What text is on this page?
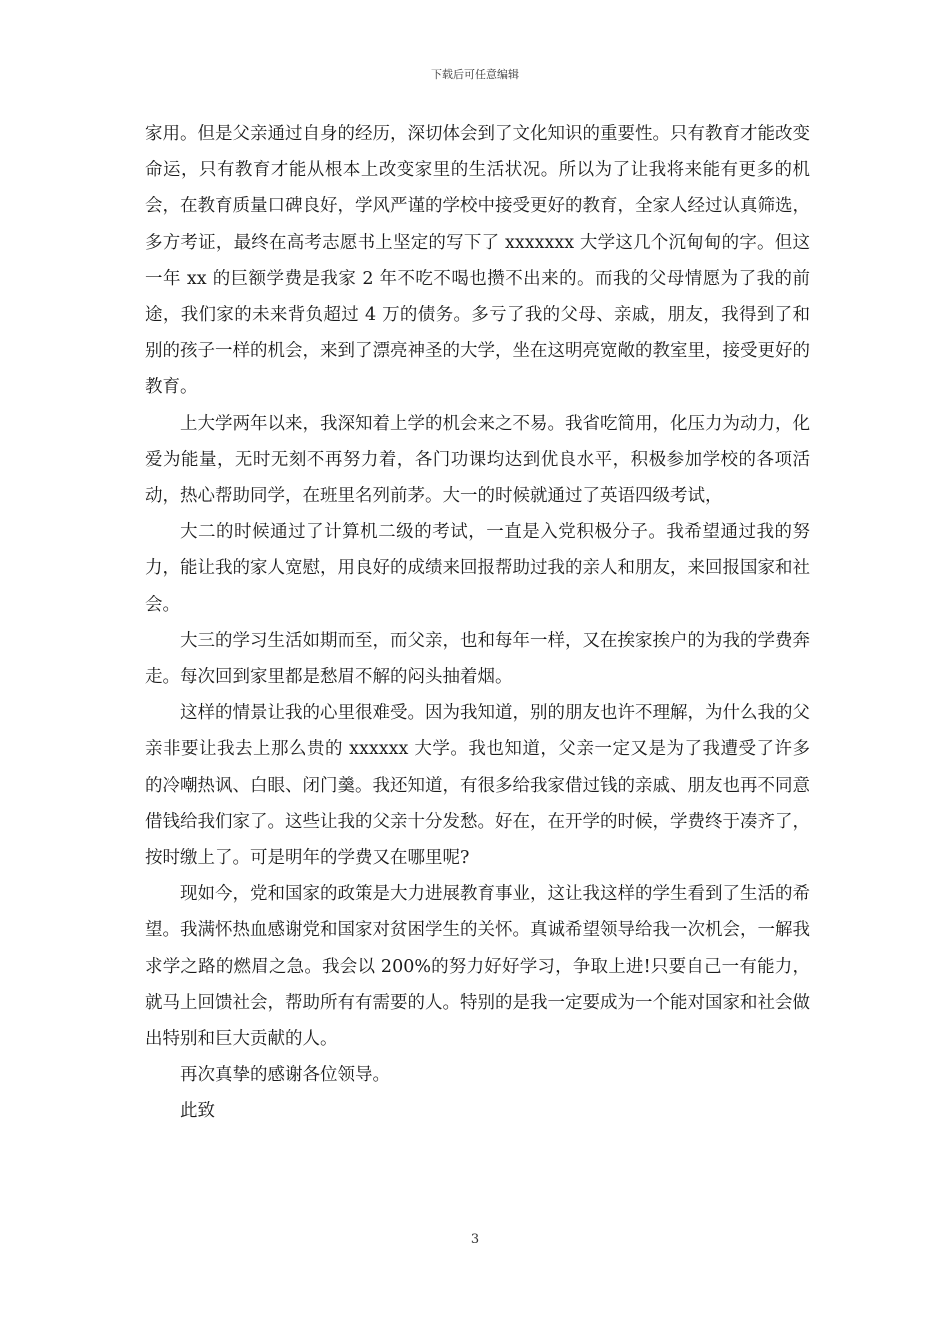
下载后可任意编辑

家用。但是父亲通过自身的经历，深切体会到了文化知识的重要性。只有教育才能改变命运，只有教育才能从根本上改变家里的生活状况。所以为了让我将来能有更多的机会，在教育质量口碑良好，学风严谨的学校中接受更好的教育，全家人经过认真筛选，多方考证，最终在高考志愿书上坚定的写下了 xxxxxxx 大学这几个沉甸甸的字。但这一年 xx 的巨额学费是我家 2 年不吃不喝也攒不出来的。而我的父母情愿为了我的前途，我们家的未来背负超过 4 万的债务。多亏了我的父母、亲戚，朋友，我得到了和别的孩子一样的机会，来到了漂亮神圣的大学，坐在这明亮宽敞的教室里，接受更好的教育。

上大学两年以来，我深知着上学的机会来之不易。我省吃简用，化压力为动力，化爱为能量，无时无刻不再努力着，各门功课均达到优良水平，积极参加学校的各项活动，热心帮助同学，在班里名列前茅。大一的时候就通过了英语四级考试，

大二的时候通过了计算机二级的考试，一直是入党积极分子。我希望通过我的努力，能让我的家人宽慰，用良好的成绩来回报帮助过我的亲人和朋友，来回报国家和社会。

大三的学习生活如期而至，而父亲，也和每年一样，又在挨家挨户的为我的学费奔走。每次回到家里都是愁眉不解的闷头抽着烟。

这样的情景让我的心里很难受。因为我知道，别的朋友也许不理解，为什么我的父亲非要让我去上那么贵的 xxxxxx 大学。我也知道，父亲一定又是为了我遭受了许多的冷嘲热讽、白眼、闭门羹。我还知道，有很多给我家借过钱的亲戚、朋友也再不同意借钱给我们家了。这些让我的父亲十分发愁。好在，在开学的时候，学费终于凑齐了，按时缴上了。可是明年的学费又在哪里呢?

现如今，党和国家的政策是大力进展教育事业，这让我这样的学生看到了生活的希望。我满怀热血感谢党和国家对贫困学生的关怀。真诚希望领导给我一次机会，一解我求学之路的燃眉之急。我会以 200%的努力好好学习，争取上进!只要自己一有能力，就马上回馈社会，帮助所有有需要的人。特别的是我一定要成为一个能对国家和社会做出特别和巨大贡献的人。

再次真挚的感谢各位领导。

此致

3
